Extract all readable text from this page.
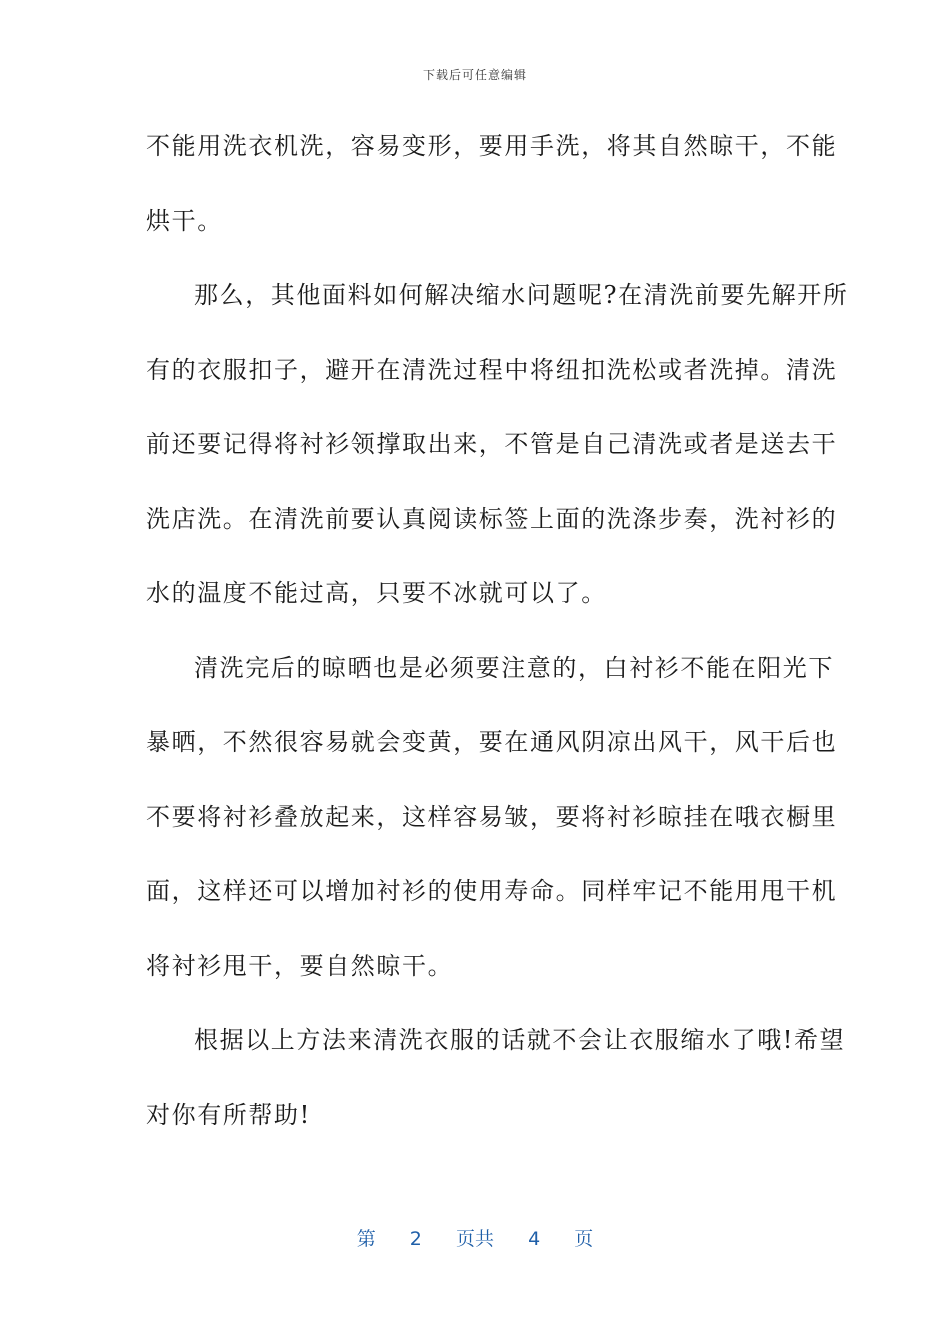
下载后可任意编辑
不能用洗衣机洗，容易变形，要用手洗，将其自然晾干，不能
烘干。
那么，其他面料如何解决缩水问题呢?在清洗前要先解开所
有的衣服扣子，避开在清洗过程中将纽扣洗松或者洗掉。清洗
前还要记得将衬衫领撑取出来，不管是自己清洗或者是送去干
洗店洗。在清洗前要认真阅读标签上面的洗涤步奏，洗衬衫的
水的温度不能过高，只要不冰就可以了。
清洗完后的晾晒也是必须要注意的，白衬衫不能在阳光下
暴晒，不然很容易就会变黄，要在通风阴凉出风干，风干后也
不要将衬衫叠放起来，这样容易皱，要将衬衫晾挂在哦衣橱里
面，这样还可以增加衬衫的使用寿命。同样牢记不能用甩干机
将衬衫甩干，要自然晾干。
根据以上方法来清洗衣服的话就不会让衣服缩水了哦!希望
对你有所帮助!
第 2 页共 4 页
